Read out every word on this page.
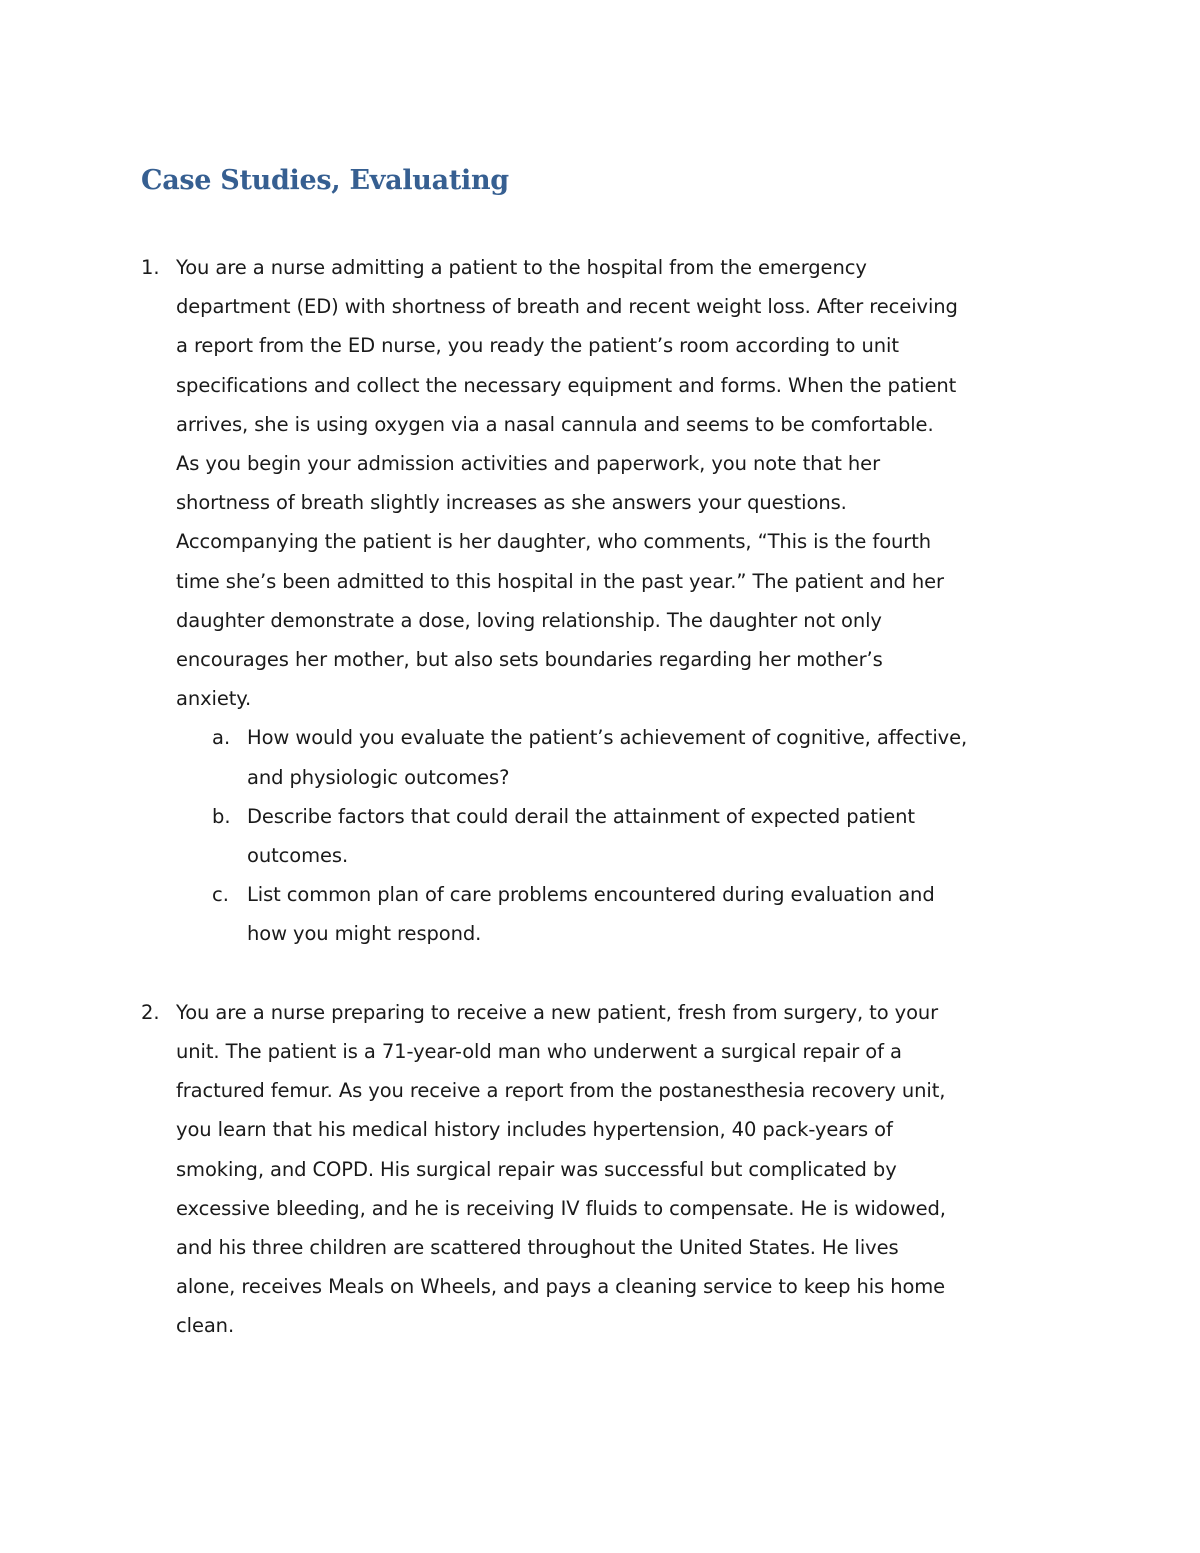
Case Studies, Evaluating
1. You are a nurse admitting a patient to the hospital from the emergency
department (ED) with shortness of breath and recent weight loss. After receiving
a report from the ED nurse, you ready the patient’s room according to unit
specifications and collect the necessary equipment and forms. When the patient
arrives, she is using oxygen via a nasal cannula and seems to be comfortable.
As you begin your admission activities and paperwork, you note that her
shortness of breath slightly increases as she answers your questions.
Accompanying the patient is her daughter, who comments, “This is the fourth
time she’s been admitted to this hospital in the past year.” The patient and her
daughter demonstrate a dose, loving relationship. The daughter not only
encourages her mother, but also sets boundaries regarding her mother’s
anxiety.
a. How would you evaluate the patient’s achievement of cognitive, affective,
and physiologic outcomes?
b. Describe factors that could derail the attainment of expected patient
outcomes.
c. List common plan of care problems encountered during evaluation and
how you might respond.
2. You are a nurse preparing to receive a new patient, fresh from surgery, to your
unit. The patient is a 71-year-old man who underwent a surgical repair of a
fractured femur. As you receive a report from the postanesthesia recovery unit,
you learn that his medical history includes hypertension, 40 pack-years of
smoking, and COPD. His surgical repair was successful but complicated by
excessive bleeding, and he is receiving IV fluids to compensate. He is widowed,
and his three children are scattered throughout the United States. He lives
alone, receives Meals on Wheels, and pays a cleaning service to keep his home
clean.
